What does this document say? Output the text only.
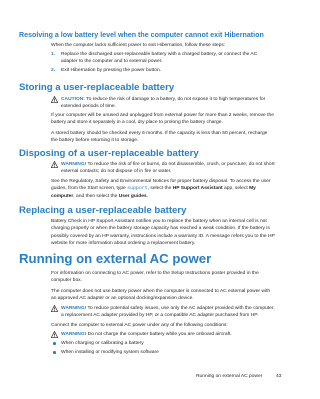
Resolving a low battery level when the computer cannot exit Hibernation
When the computer lacks sufficient power to exit Hibernation, follow these steps:
1. Replace the discharged user-replaceable battery with a charged battery, or connect the AC
adapter to the computer and to external power.
2. Exit Hibernation by pressing the power button.
Storing a user-replaceable battery
CAUTION: To reduce the risk of damage to a battery, do not expose it to high temperatures for
extended periods of time.
If your computer will be unused and unplugged from external power for more than 2 weeks, remove the
battery and store it separately in a cool, dry place to prolong the battery charge.
A stored battery should be checked every 6 months. If the capacity is less than 50 percent, recharge
the battery before returning it to storage.
Disposing of a user-replaceable battery
WARNING! To reduce the risk of fire or burns, do not disassemble, crush, or puncture; do not short
external contacts; do not dispose of in fire or water.
See the Regulatory, Safety and Environmental Notices for proper battery disposal. To access the user
guides, from the Start screen, type support, select the HP Support Assistant app, select My
computer, and then select the User guides.
Replacing a user-replaceable battery
Battery Check in HP Support Assistant notifies you to replace the battery when an internal cell is not
charging properly or when the battery storage capacity has reached a weak condition. If the battery is
possibly covered by an HP warranty, instructions include a warranty ID. A message refers you to the HP
website for more information about ordering a replacement battery.
Running on external AC power
For information on connecting to AC power, refer to the Setup Instructions poster provided in the
computer box.
The computer does not use battery power when the computer is connected to AC external power with
an approved AC adapter or an optional docking/expansion device.
WARNING! To reduce potential safety issues, use only the AC adapter provided with the computer,
a replacement AC adapter provided by HP, or a compatible AC adapter purchased from HP.
Connect the computer to external AC power under any of the following conditions:
WARNING! Do not charge the computer battery while you are onboard aircraft.
When charging or calibrating a battery
When installing or modifying system software
Running on external AC power	43
